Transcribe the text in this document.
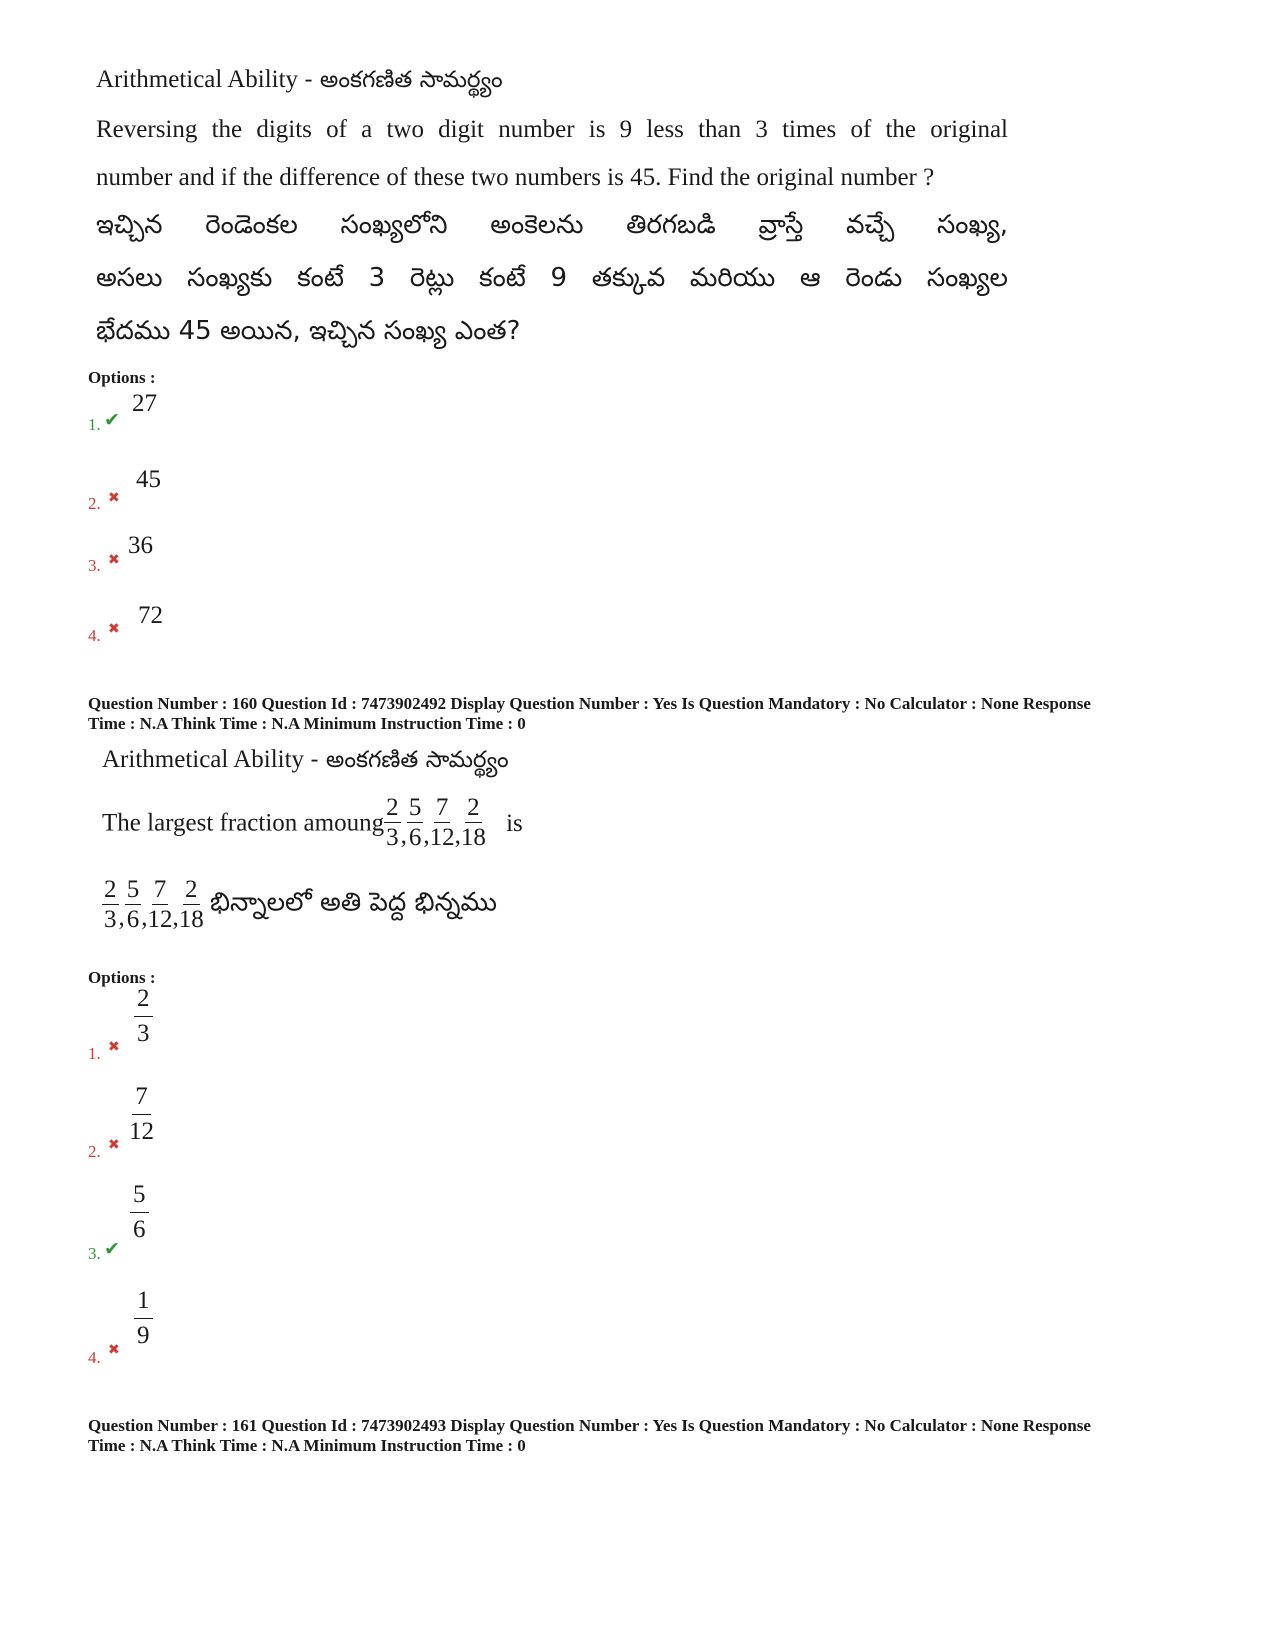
Arithmetical Ability - అంకగణిత సామర్థ్యం
Reversing the digits of a two digit number is 9 less than 3 times of the original
number and if the difference of these two numbers is 45. Find the original number ?
ఇచ్చిన రెండెంకల సంఖ్యలోని అంకెలను తిరగబడి వ్రాస్తే వచ్చే సంఖ్య,
అసలు సంఖ్యకు కంటే 3 రెట్లు కంటే 9 తక్కువ మరియు ఆ రెండు సంఖ్యల
భేదము 45 అయిన, ఇచ్చిన సంఖ్య ఎంత?
Options :
1. ✔
27
2. ✖
45
3. ✖
36
4. ✖ 72
Question Number : 160 Question Id : 7473902492 Display Question Number : Yes Is Question Mandatory : No Calculator : None Response
Time : N.A Think Time : N.A Minimum Instruction Time : 0
Arithmetical Ability - అంకగణిత సామర్థ్యం
The largest fraction amoung $\frac{2}{3}$ , $\frac{5}{6}$ , $\frac{7}{12}$ , $\frac{2}{18}$ is
$\frac{2}{3}$ , $\frac{5}{6}$ , $\frac{7}{12}$ , $\frac{2}{18}$ భిన్నాలలో అతి పెద్ద భిన్నము
Options :
1. ✖ $\frac{2}{3}$
2. ✖ $\frac{7}{12}$
3. ✔
$\frac{5}{6}$
4. ✖ $\frac{1}{9}$
Question Number : 161 Question Id : 7473902493 Display Question Number : Yes Is Question Mandatory : No Calculator : None Response
Time : N.A Think Time : N.A Minimum Instruction Time : 0
